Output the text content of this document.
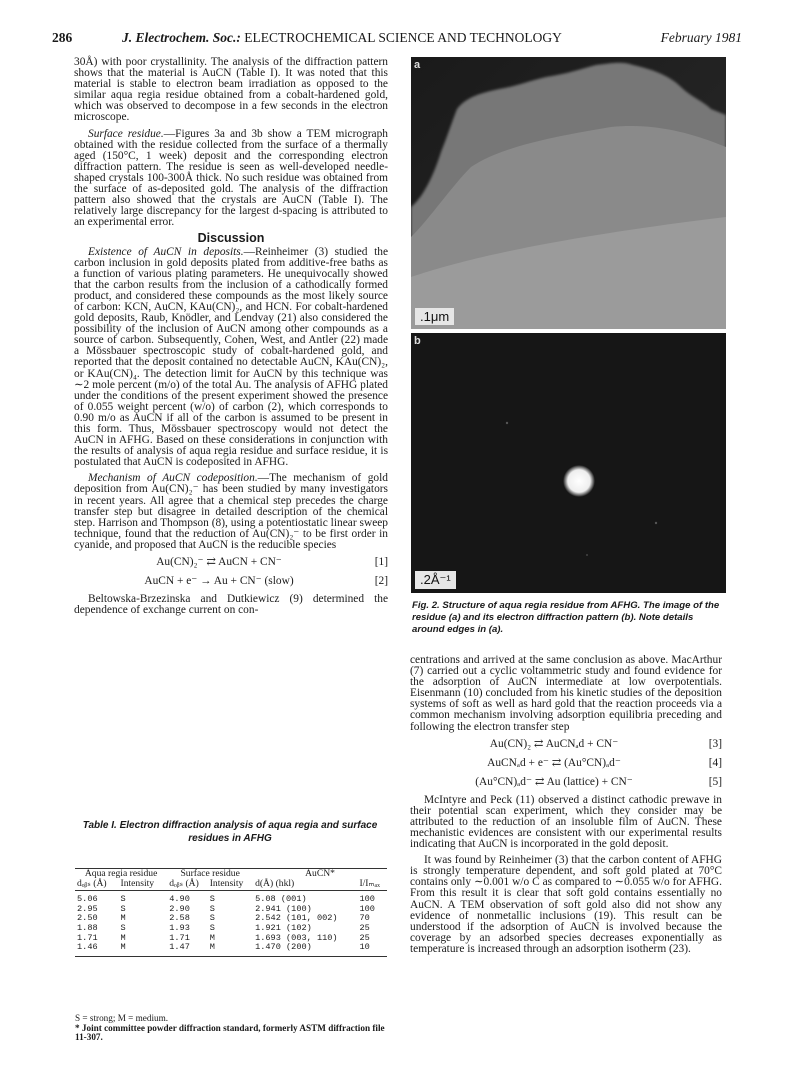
286	J. Electrochem. Soc.: ELECTROCHEMICAL SCIENCE AND TECHNOLOGY	February 1981

30Å) with poor crystallinity. The analysis of the diffraction pattern shows that the material is AuCN (Table I). It was noted that this material is stable to electron beam irradiation as opposed to the similar aqua regia residue obtained from a cobalt-hardened gold, which was observed to decompose in a few seconds in the electron microscope.

Surface residue.—Figures 3a and 3b show a TEM micrograph obtained with the residue collected from the surface of a thermally aged (150°C, 1 week) deposit and the corresponding electron diffraction pattern. The residue is seen as well-developed needle-shaped crystals 100-300Å thick. No such residue was obtained from the surface of as-deposited gold. The analysis of the diffraction pattern also showed that the crystals are AuCN (Table I). The relatively large discrepancy for the largest d-spacing is attributed to an experimental error.

Discussion

Existence of AuCN in deposits.—Reinheimer (3) studied the carbon inclusion in gold deposits plated from additive-free baths as a function of various plating parameters. He unequivocally showed that the carbon results from the inclusion of a cathodically formed product, and considered these compounds as the most likely source of carbon: KCN, AuCN, KAu(CN)₂, and HCN. For cobalt-hardened gold deposits, Raub, Knödler, and Lendvay (21) also considered the possibility of the inclusion of AuCN among other compounds as a source of carbon. Subsequently, Cohen, West, and Antler (22) made a Mössbauer spectroscopic study of cobalt-hardened gold, and reported that the deposit contained no detectable AuCN, KAu(CN)₂, or KAu(CN)₄. The detection limit for AuCN by this technique was ∼2 mole percent (m/o) of the total Au. The analysis of AFHG plated under the conditions of the present experiment showed the presence of 0.055 weight percent (w/o) of carbon (2), which corresponds to 0.90 m/o as AuCN if all of the carbon is assumed to be present in this form. Thus, Mössbauer spectroscopy would not detect the AuCN in AFHG. Based on these considerations in conjunction with the results of analysis of aqua regia residue and surface residue, it is postulated that AuCN is codeposited in AFHG.

Mechanism of AuCN codeposition.—The mechanism of gold deposition from Au(CN)₂⁻ has been studied by many investigators in recent years. All agree that a chemical step precedes the charge transfer step but disagree in detailed description of the chemical step. Harrison and Thompson (8), using a potentiostatic linear sweep technique, found that the reduction of Au(CN)₂⁻ to be first order in cyanide, and proposed that AuCN is the reducible species

Au(CN)₂⁻ ⇄ AuCN + CN⁻	[1]
AuCN + e⁻ → Au + CN⁻ (slow)	[2]

Beltowska-Brzezinska and Dutkiewicz (9) determined the dependence of exchange current on con-

a
.1μm
b
.2Å⁻¹
Fig. 2. Structure of aqua regia residue from AFHG. The image of the residue (a) and its electron diffraction pattern (b). Note details around edges in (a).

centrations and arrived at the same conclusion as above. MacArthur (7) carried out a cyclic voltammetric study and found evidence for the adsorption of AuCN intermediate at low overpotentials. Eisenmann (10) concluded from his kinetic studies of the deposition systems of soft as well as hard gold that the reaction proceeds via a common mechanism involving adsorption equilibria preceding and following the electron transfer step

Au(CN)₂ ⇄ AuCNₐd + CN⁻	[3]
AuCNₐd + e⁻ ⇄ (Au°CN)ₐd⁻	[4]
(Au°CN)ₐd⁻ ⇄ Au (lattice) + CN⁻	[5]

McIntyre and Peck (11) observed a distinct cathodic prewave in their potential scan experiment, which they consider may be attributed to the reduction of an insoluble film of AuCN. These mechanistic evidences are consistent with our experimental results indicating that AuCN is incorporated in the gold deposit.

It was found by Reinheimer (3) that the carbon content of AFHG is strongly temperature dependent, and soft gold plated at 70°C contains only ∼0.001 w/o C as compared to ∼0.055 w/o for AFHG. From this result it is clear that soft gold contains essentially no AuCN. A TEM observation of soft gold also did not show any evidence of nonmetallic inclusions (19). This result can be understood if the adsorption of AuCN is involved because the coverage by an adsorbed species decreases exponentially as temperature is increased through an adsorption isotherm (23).

Table I. Electron diffraction analysis of aqua regia and surface residues in AFHG
Aqua regia residue		Surface residue		AuCN*	
dₒᵦₛ (Å)	Intensity	dₒᵦₛ (Å)	Intensity	d(Å) (hkl)	I/Iₘₐₓ
5.06	S	4.90	S	5.08 (001)	100
2.95	S	2.90	S	2.941 (100)	100
2.50	M	2.58	S	2.542 (101, 002)	70
1.88	S	1.93	S	1.921 (102)	25
1.71	M	1.71	M	1.693 (003, 110)	25
1.46	M	1.47	M	1.470 (200)	10
S = strong; M = medium.
* Joint committee powder diffraction standard, formerly ASTM diffraction file 11-307.
